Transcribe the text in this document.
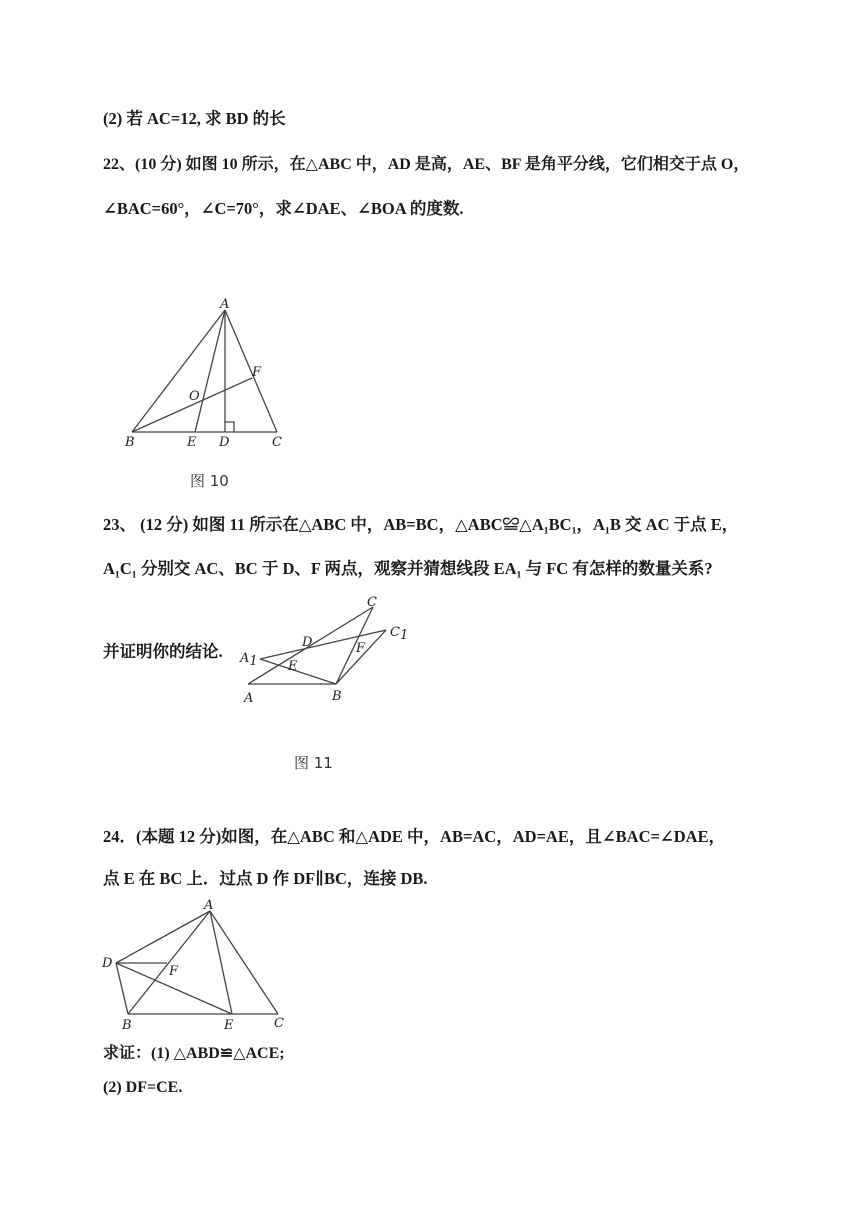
(2) 若 AC=12, 求 BD 的长
22、(10 分) 如图 10 所示，在△ABC 中，AD 是高，AE、BF 是角平分线，它们相交于点 O，
∠BAC=60°，∠C=70°，求∠DAE、∠BOA 的度数.
A
B	C
D
E
F
O
图 10
23、 (12 分) 如图 11 所示在△ABC 中，AB=BC，△ABC≌△A₁BC₁，A₁B 交 AC 于点 E，
A₁C₁ 分别交 AC、BC 于 D、F 两点，观察并猜想线段 EA₁ 与 FC 有怎样的数量关系?
并证明你的结论.
A	B
C
C1
A1
D
E
F
图 11
24．(本题 12 分)如图，在△ABC 和△ADE 中，AB=AC，AD=AE，且∠BAC=∠DAE，
点 E 在 BC 上．过点 D 作 DF∥BC，连接 DB.
A
B	C
D
E
F
求证：(1) △ABD≌△ACE;
(2) DF=CE.
